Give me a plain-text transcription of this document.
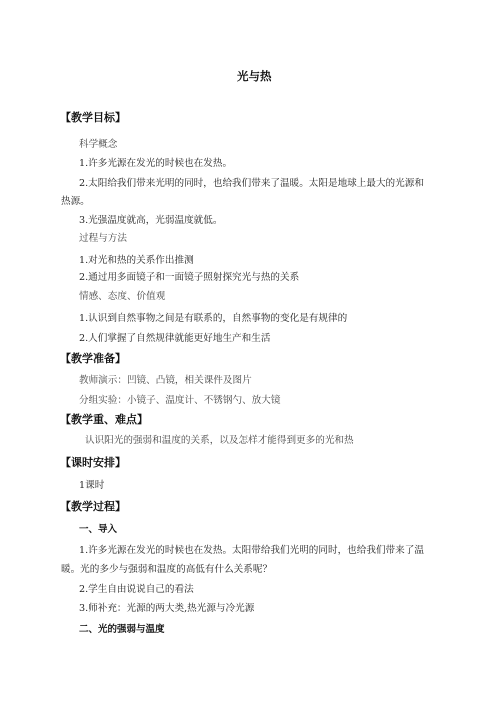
光与热
【教学目标】
科学概念
1.许多光源在发光的时候也在发热。
2.太阳给我们带来光明的同时，也给我们带来了温暖。太阳是地球上最大的光源和
热源。
3.光强温度就高，光弱温度就低。
过程与方法
1.对光和热的关系作出推测
2.通过用多面镜子和一面镜子照射探究光与热的关系
情感、态度、价值观
1.认识到自然事物之间是有联系的，自然事物的变化是有规律的
2.人们掌握了自然规律就能更好地生产和生活
【教学准备】
教师演示：凹镜、凸镜，相关课件及图片
分组实验：小镜子、温度计、不锈钢勺、放大镜
【教学重、难点】
认识阳光的强弱和温度的关系，以及怎样才能得到更多的光和热
【课时安排】
1课时
【教学过程】
一、导入
1.许多光源在发光的时候也在发热。太阳带给我们光明的同时，也给我们带来了温
暖。光的多少与强弱和温度的高低有什么关系呢？
2.学生自由说说自己的看法
3.师补充：光源的两大类,热光源与冷光源
二、光的强弱与温度
